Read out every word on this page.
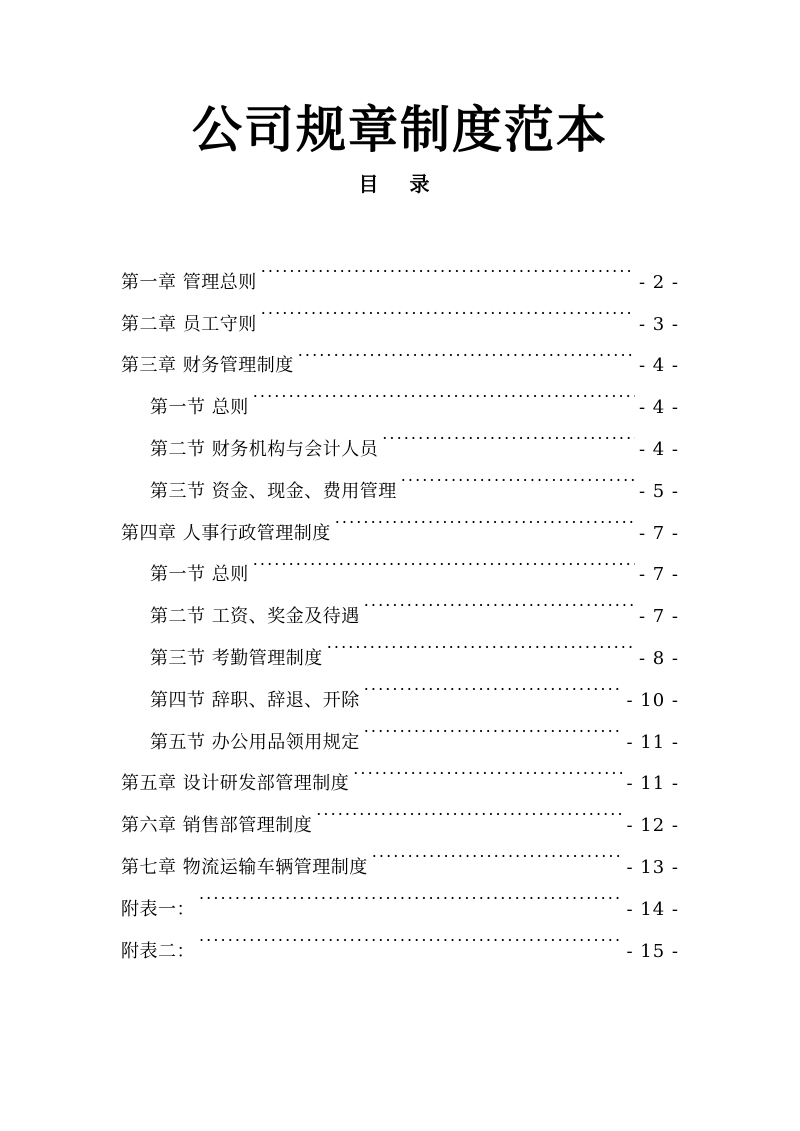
公司规章制度范本
目 录
第一章 管理总则 . . .	- 2 -
第二章 员工守则 . . .	- 3 -
第三章 财务管理制度 . . .	- 4 -
第一节 总则 . . .	- 4 -
第二节 财务机构与会计人员 . . .	- 4 -
第三节 资金、现金、费用管理 . . .	- 5 -
第四章 人事行政管理制度 . . .	- 7 -
第一节 总则 . . .	- 7 -
第二节 工资、奖金及待遇 . . .	- 7 -
第三节 考勤管理制度 . . .	- 8 -
第四节 辞职、辞退、开除 . . .	- 10 -
第五节 办公用品领用规定 . . .	- 11 -
第五章 设计研发部管理制度 . . .	- 11 -
第六章 销售部管理制度 . . .	- 12 -
第七章 物流运输车辆管理制度 . . .	- 13 -
附表一： . . .	- 14 -
附表二： . . .	- 15 -
